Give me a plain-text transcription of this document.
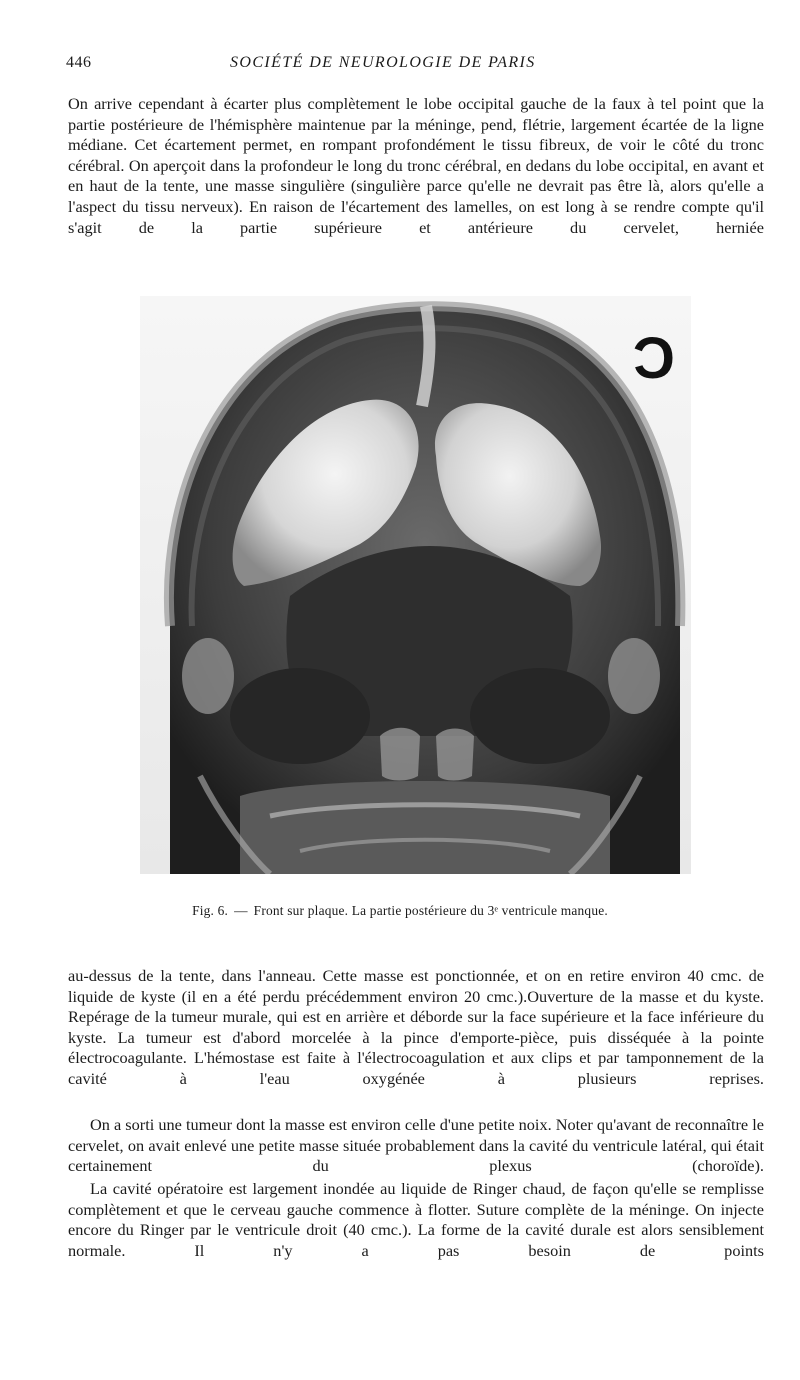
446	SOCIÉTÉ DE NEUROLOGIE DE PARIS

On arrive cependant à écarter plus complètement le lobe occipital gauche de la faux à tel point que la partie postérieure de l'hémisphère maintenue par la méninge, pend, flétrie, largement écartée de la ligne médiane. Cet écartement permet, en rompant profondément le tissu fibreux, de voir le côté du tronc cérébral. On aperçoit dans la profondeur le long du tronc cérébral, en dedans du lobe occipital, en avant et en haut de la tente, une masse singulière (singulière parce qu'elle ne devrait pas être là, alors qu'elle a l'aspect du tissu nerveux). En raison de l'écartement des lamelles, on est long à se rendre compte qu'il s'agit de la partie supérieure et antérieure du cervelet, herniée

Ɔ
Fig. 6. — Front sur plaque. La partie postérieure du 3ᵉ ventricule manque.

au-dessus de la tente, dans l'anneau. Cette masse est ponctionnée, et on en retire environ 40 cmc. de liquide de kyste (il en a été perdu précédemment environ 20 cmc.).Ouverture de la masse et du kyste. Repérage de la tumeur murale, qui est en arrière et déborde sur la face supérieure et la face inférieure du kyste. La tumeur est d'abord morcelée à la pince d'emporte-pièce, puis disséquée à la pointe électrocoagulante. L'hémostase est faite à l'électrocoagulation et aux clips et par tamponnement de la cavité à l'eau oxygénée à plusieurs reprises.

On a sorti une tumeur dont la masse est environ celle d'une petite noix. Noter qu'avant de reconnaître le cervelet, on avait enlevé une petite masse située probablement dans la cavité du ventricule latéral, qui était certainement du plexus (choroïde).

La cavité opératoire est largement inondée au liquide de Ringer chaud, de façon qu'elle se remplisse complètement et que le cerveau gauche commence à flotter. Suture complète de la méninge. On injecte encore du Ringer par le ventricule droit (40 cmc.). La forme de la cavité durale est alors sensiblement normale. Il n'y a pas besoin de points
